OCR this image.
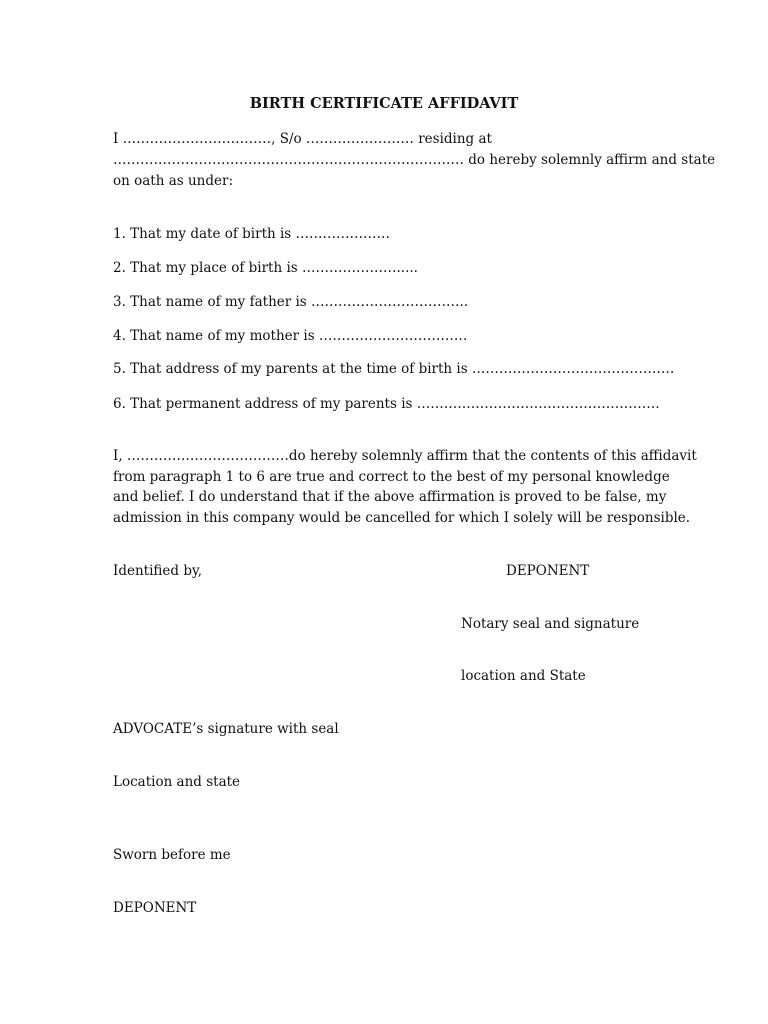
BIRTH CERTIFICATE AFFIDAVIT
I ……………………………, S/o …………………… residing at
…………………………………………………………………… do hereby solemnly affirm and state
on oath as under:
1. That my date of birth is …………………
2. That my place of birth is ………………….....
3. That name of my father is ……………………………..
4. That name of my mother is ……………………………
5. That address of my parents at the time of birth is ………………………………………
6. That permanent address of my parents is ………………………………………………
I, ………………………………do hereby solemnly affirm that the contents of this affidavit
from paragraph 1 to 6 are true and correct to the best of my personal knowledge
and belief. I do understand that if the above affirmation is proved to be false, my
admission in this company would be cancelled for which I solely will be responsible.
Identified by,	DEPONENT
Notary seal and signature
location and State
ADVOCATE’s signature with seal
Location and state
Sworn before me
DEPONENT
